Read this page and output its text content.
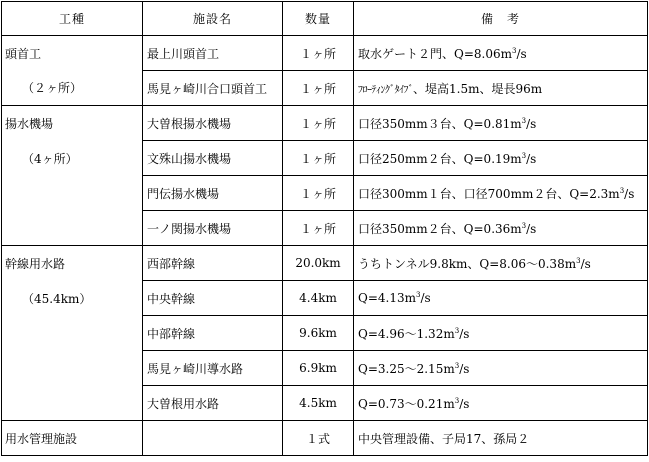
工種	施設名	数量	備　考
頭首工	最上川頭首工	１ヶ所	取水ゲート２門、$Q=8.06m^3/s$
（２ヶ所）	馬見ヶ崎川合口頭首工	１ヶ所	ﾌﾛｰﾃｨﾝｸﾞﾀｲﾌﾞ、堤高1.5m、堤長96m
揚水機場	大曽根揚水機場	１ヶ所	口径350mm３台、$Q=0.81m^3/s$
（4ヶ所）	文殊山揚水機場	１ヶ所	口径250mm２台、$Q=0.19m^3/s$
	門伝揚水機場	１ヶ所	口径300mm１台、口径700mm２台、$Q=2.3m^3/s$
	一ノ関揚水機場	１ヶ所	口径350mm２台、$Q=0.36m^3/s$
幹線用水路	西部幹線	20.0km	うちトンネル9.8km、$Q=8.06\sim 0.38m^3/s$
（45.4km）	中央幹線	4.4km	$Q=4.13m^3/s$
	中部幹線	9.6km	$Q=4.96\sim 1.32m^3/s$
	馬見ヶ崎川導水路	6.9km	$Q=3.25\sim 2.15m^3/s$
	大曽根用水路	4.5km	$Q=0.73\sim 0.21m^3/s$
用水管理施設		１式	中央管理設備、子局17、孫局２
